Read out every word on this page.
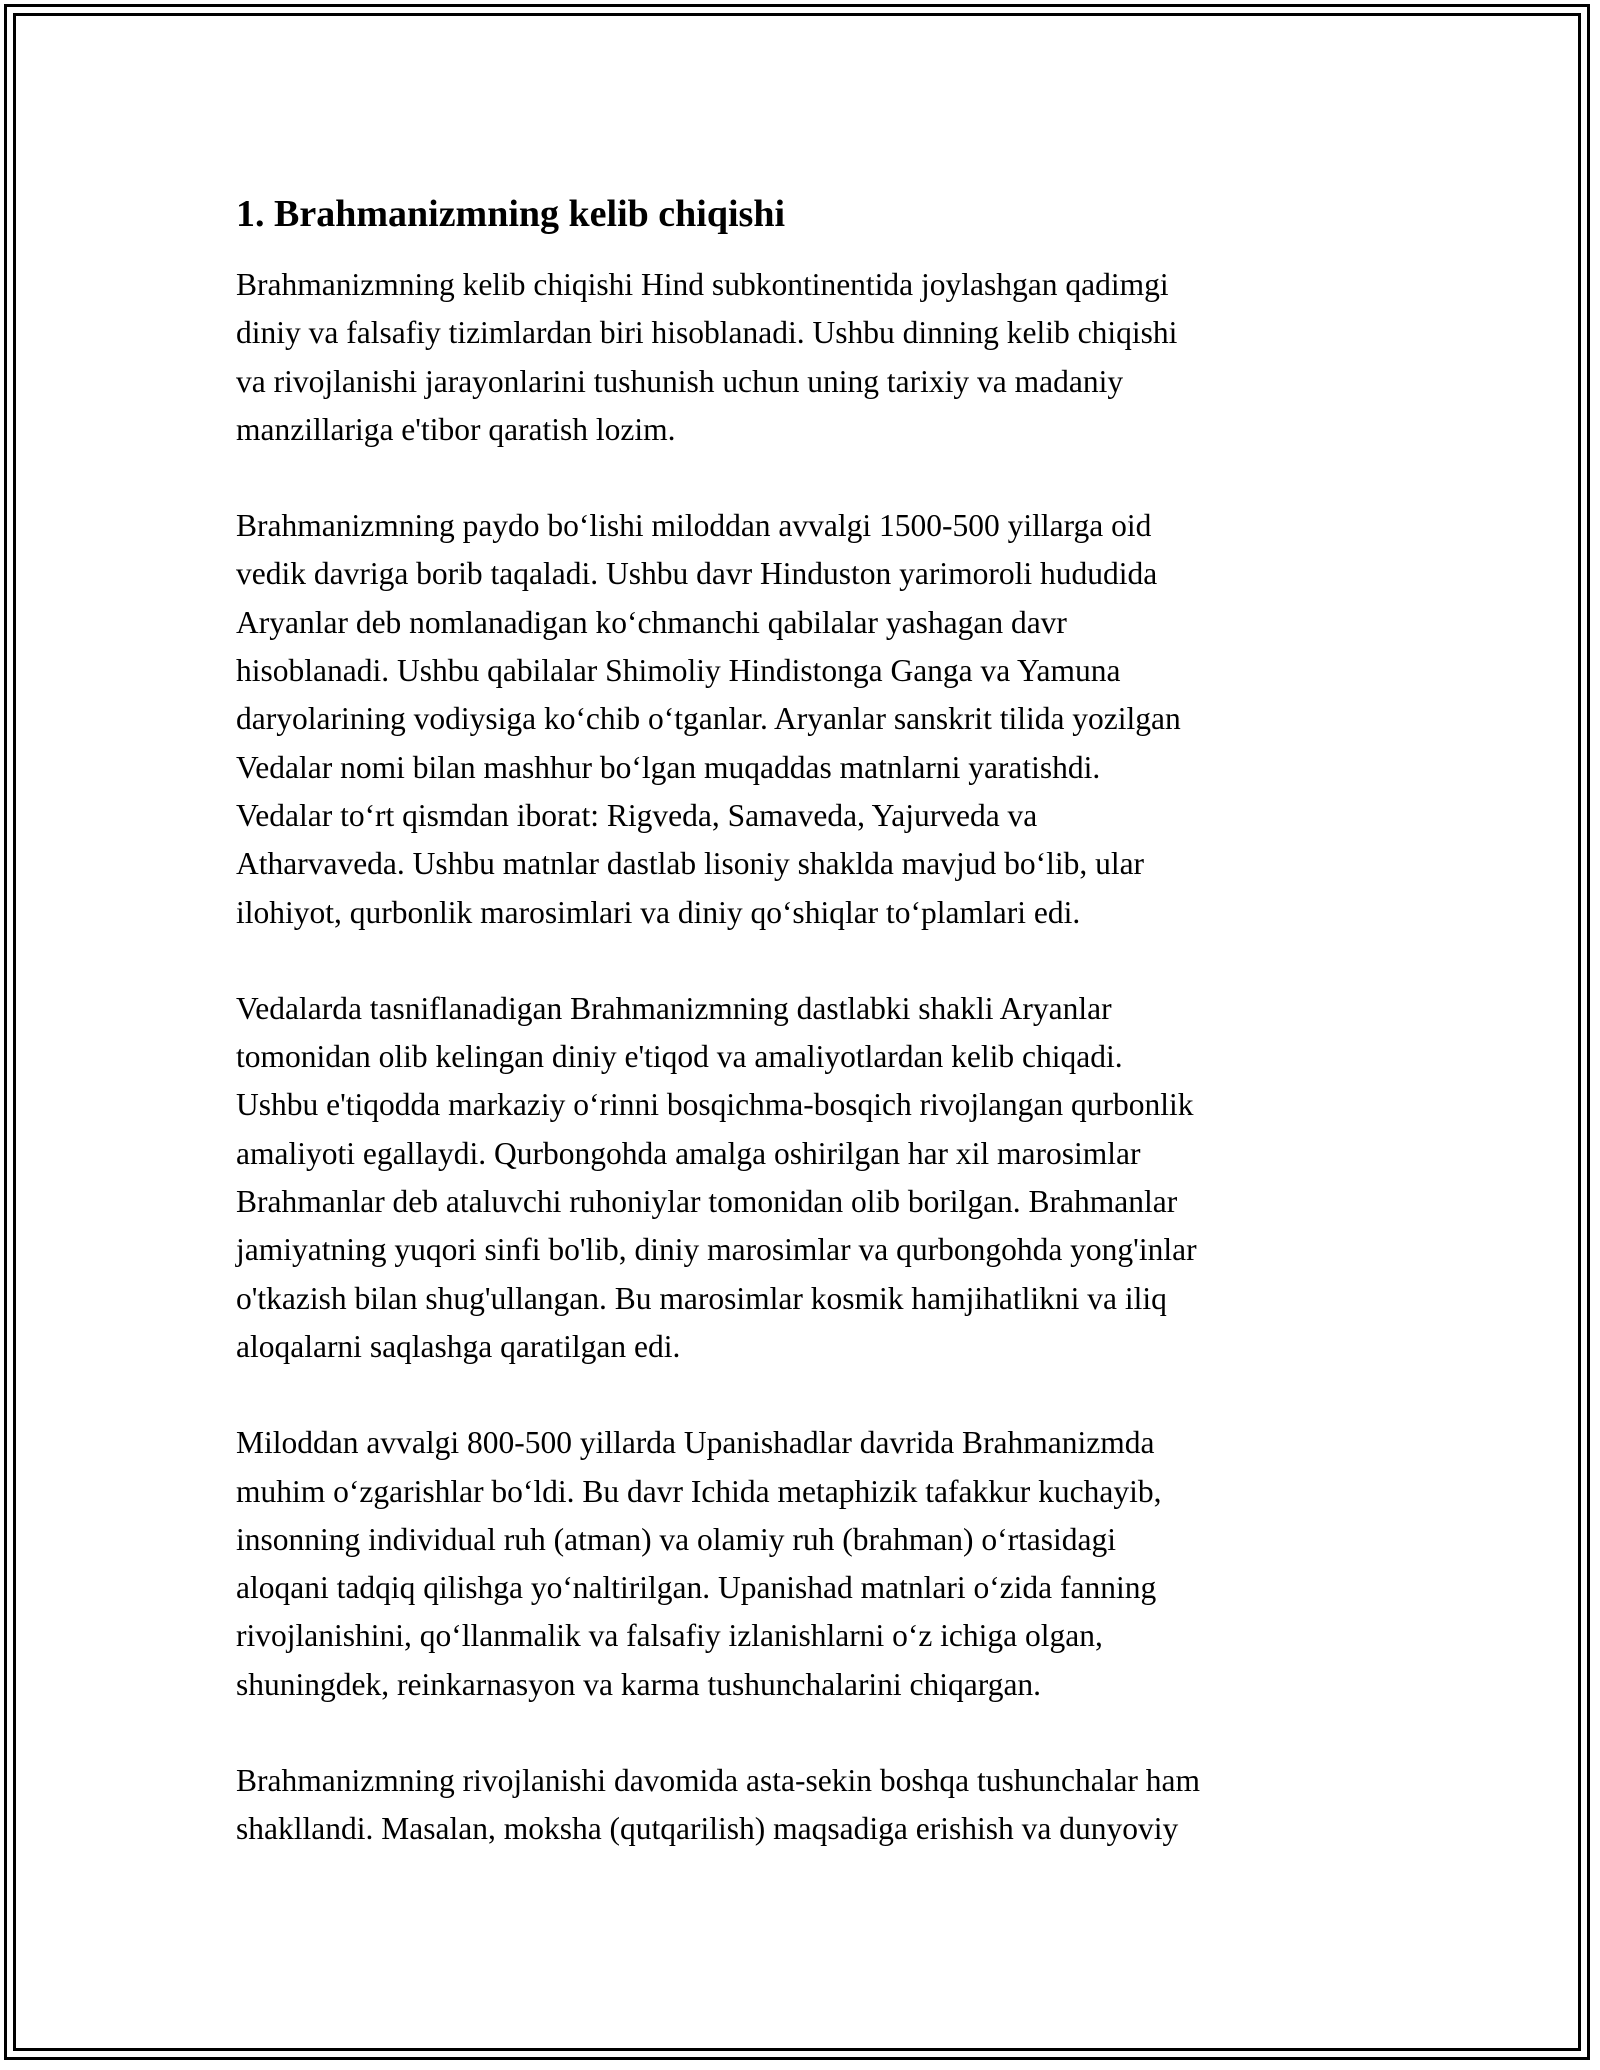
1. Brahmanizmning kelib chiqishi

Brahmanizmning kelib chiqishi Hind subkontinentida joylashgan qadimgi
diniy va falsafiy tizimlardan biri hisoblanadi. Ushbu dinning kelib chiqishi
va rivojlanishi jarayonlarini tushunish uchun uning tarixiy va madaniy
manzillariga e'tibor qaratish lozim.

Brahmanizmning paydo bo‘lishi miloddan avvalgi 1500-500 yillarga oid
vedik davriga borib taqaladi. Ushbu davr Hinduston yarimoroli hududida
Aryanlar deb nomlanadigan ko‘chmanchi qabilalar yashagan davr
hisoblanadi. Ushbu qabilalar Shimoliy Hindistonga Ganga va Yamuna
daryolarining vodiysiga ko‘chib o‘tganlar. Aryanlar sanskrit tilida yozilgan
Vedalar nomi bilan mashhur bo‘lgan muqaddas matnlarni yaratishdi.
Vedalar to‘rt qismdan iborat: Rigveda, Samaveda, Yajurveda va
Atharvaveda. Ushbu matnlar dastlab lisoniy shaklda mavjud bo‘lib, ular
ilohiyot, qurbonlik marosimlari va diniy qo‘shiqlar to‘plamlari edi.

Vedalarda tasniflanadigan Brahmanizmning dastlabki shakli Aryanlar
tomonidan olib kelingan diniy e'tiqod va amaliyotlardan kelib chiqadi.
Ushbu e'tiqodda markaziy o‘rinni bosqichma-bosqich rivojlangan qurbonlik
amaliyoti egallaydi. Qurbongohda amalga oshirilgan har xil marosimlar
Brahmanlar deb ataluvchi ruhoniylar tomonidan olib borilgan. Brahmanlar
jamiyatning yuqori sinfi bo'lib, diniy marosimlar va qurbongohda yong'inlar
o'tkazish bilan shug'ullangan. Bu marosimlar kosmik hamjihatlikni va iliq
aloqalarni saqlashga qaratilgan edi.

Miloddan avvalgi 800-500 yillarda Upanishadlar davrida Brahmanizmda
muhim o‘zgarishlar bo‘ldi. Bu davr Ichida metaphizik tafakkur kuchayib,
insonning individual ruh (atman) va olamiy ruh (brahman) o‘rtasidagi
aloqani tadqiq qilishga yo‘naltirilgan. Upanishad matnlari o‘zida fanning
rivojlanishini, qo‘llanmalik va falsafiy izlanishlarni o‘z ichiga olgan,
shuningdek, reinkarnasyon va karma tushunchalarini chiqargan.

Brahmanizmning rivojlanishi davomida asta-sekin boshqa tushunchalar ham
shakllandi. Masalan, moksha (qutqarilish) maqsadiga erishish va dunyoviy
